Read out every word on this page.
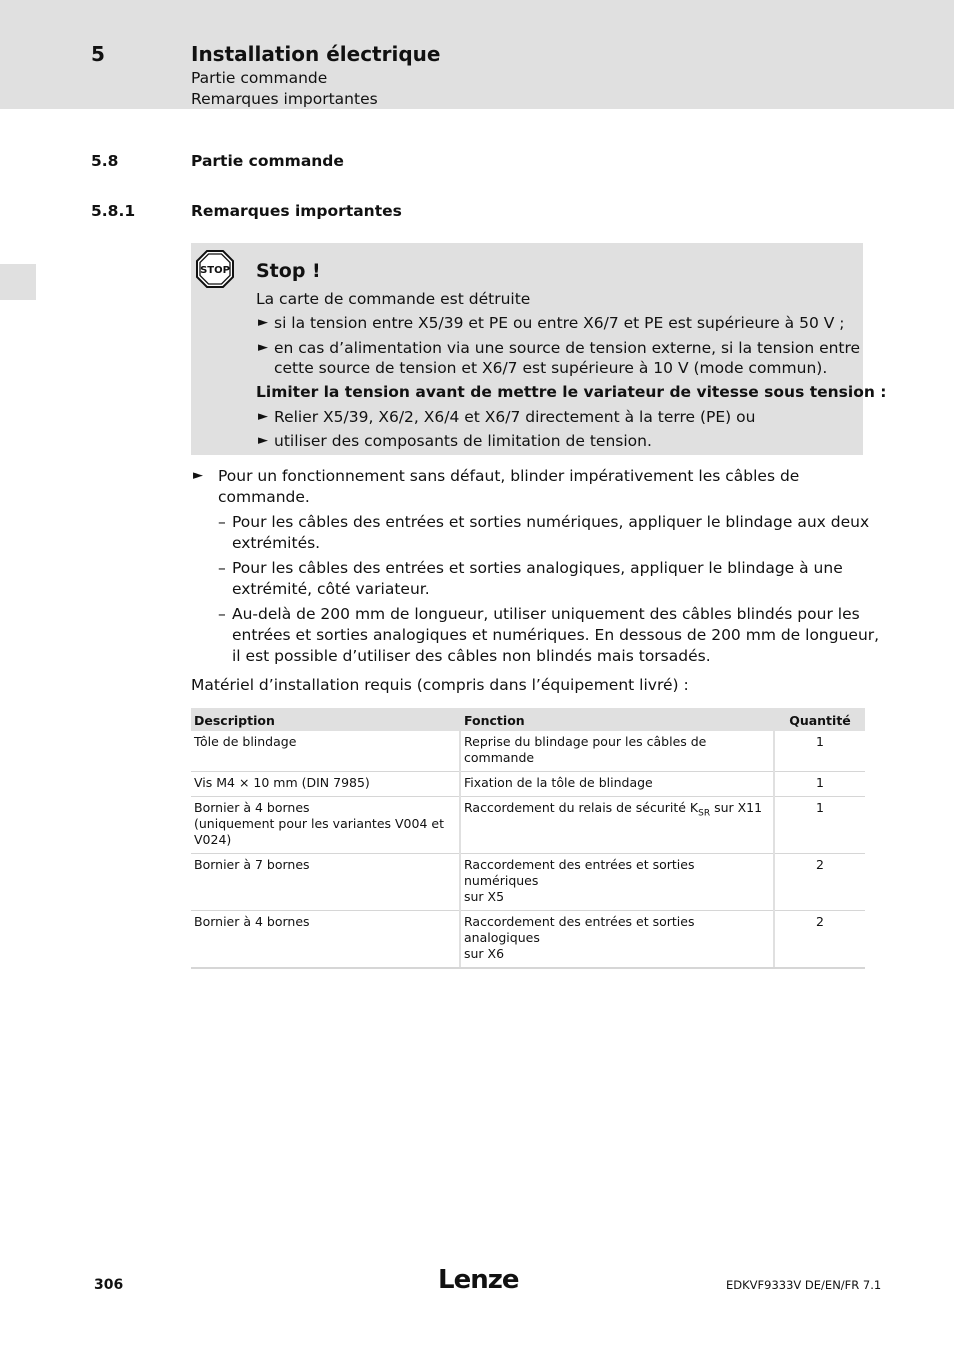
5	Installation électrique
Partie commande
Remarques importantes
5.8	Partie commande
5.8.1	Remarques importantes
STOP Stop !
La carte de commande est détruite
► si la tension entre X5/39 et PE ou entre X6/7 et PE est supérieure à 50 V ;
► en cas d’alimentation via une source de tension externe, si la tension entre
cette source de tension et X6/7 est supérieure à 10 V (mode commun).
Limiter la tension avant de mettre le variateur de vitesse sous tension :
► Relier X5/39, X6/2, X6/4 et X6/7 directement à la terre (PE) ou
► utiliser des composants de limitation de tension.
► Pour un fonctionnement sans défaut, blinder impérativement les câbles de
commande.
– Pour les câbles des entrées et sorties numériques, appliquer le blindage aux deux
extrémités.
– Pour les câbles des entrées et sorties analogiques, appliquer le blindage à une
extrémité, côté variateur.
– Au-delà de 200 mm de longueur, utiliser uniquement des câbles blindés pour les
entrées et sorties analogiques et numériques. En dessous de 200 mm de longueur,
il est possible d’utiliser des câbles non blindés mais torsadés.
Matériel d’installation requis (compris dans l’équipement livré) :
Description	Fonction	Quantité
Tôle de blindage	Reprise du blindage pour les câbles de commande	1
Vis M4 × 10 mm (DIN 7985)	Fixation de la tôle de blindage	1

Bornier à 4 bornes
(uniquement pour les variantes V004 et
V024)	Raccordement du relais de sécurité $K_{SR}$ sur X11	1
Bornier à 7 bornes	Raccordement des entrées et sorties numériques
sur X5	2
Bornier à 4 bornes	Raccordement des entrées et sorties analogiques
sur X6	2
306	Lenze	EDKVF9333V DE/EN/FR 7.1
